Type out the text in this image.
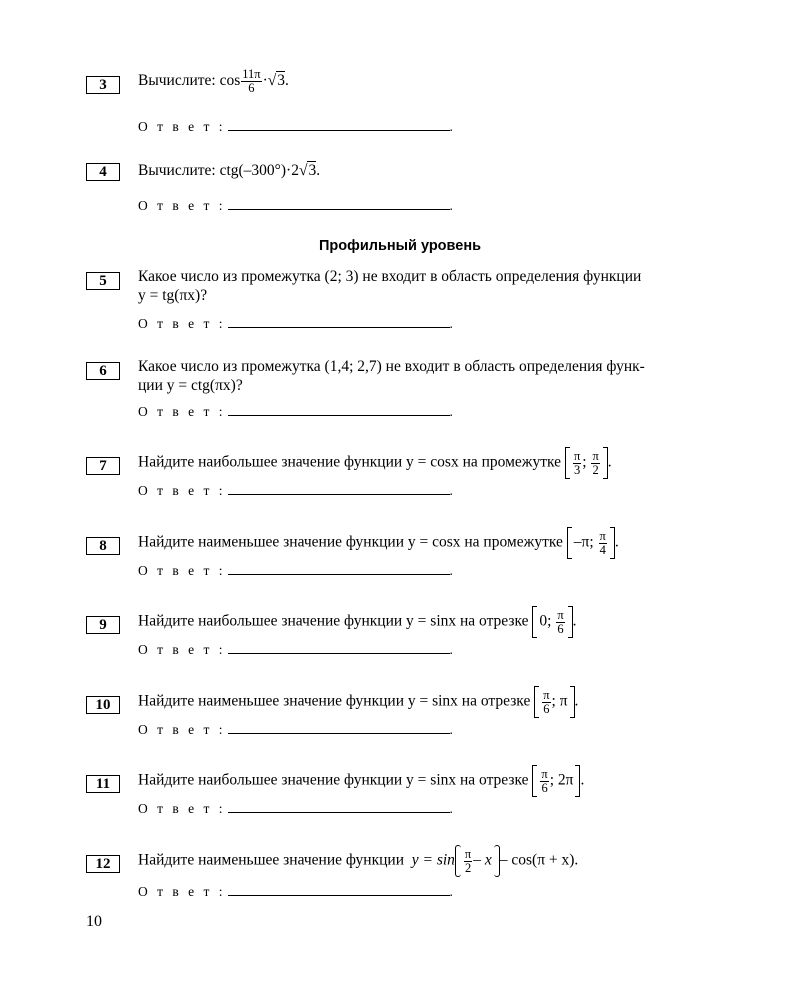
3	Вычислите: $\cos \frac{11\pi}{6} \cdot√3$.
О т в е т :	.
4	Вычислите: ctg(–300°)·2√3.
О т в е т :	.
Профильный уровень
5	Какое число из промежутка (2; 3) не входит в область определения функции
y = tg(πx)?
О т в е т :	.
6	Какое число из промежутка (1,4; 2,7) не входит в область определения функ-
ции y = ctg(πx)?
О т в е т :	.
7	Найдите наибольшее значение функции y = cosx на промежутке $\frac{\pi}{3}$ ; $\frac{\pi}{2}$ .
О т в е т :	.
8	Найдите наименьшее значение функции y = cosx на промежутке –π; $\frac{\pi}{4}$ .
О т в е т :	.
9	Найдите наибольшее значение функции y = sinx на отрезке 0; $\frac{\pi}{6}$ .
О т в е т :	.
10	Найдите наименьшее значение функции y = sinx на отрезке $\frac{\pi}{6}$ ; π .
О т в е т :	.
11	Найдите наибольшее значение функции y = sinx на отрезке $\frac{\pi}{6}$ ; 2π .
О т в е т :	.
12	Найдите наименьшее значение функции $y = \sin \frac{\pi}{2} - x - \cos(\pi + x)$.
О т в е т :	.
10
